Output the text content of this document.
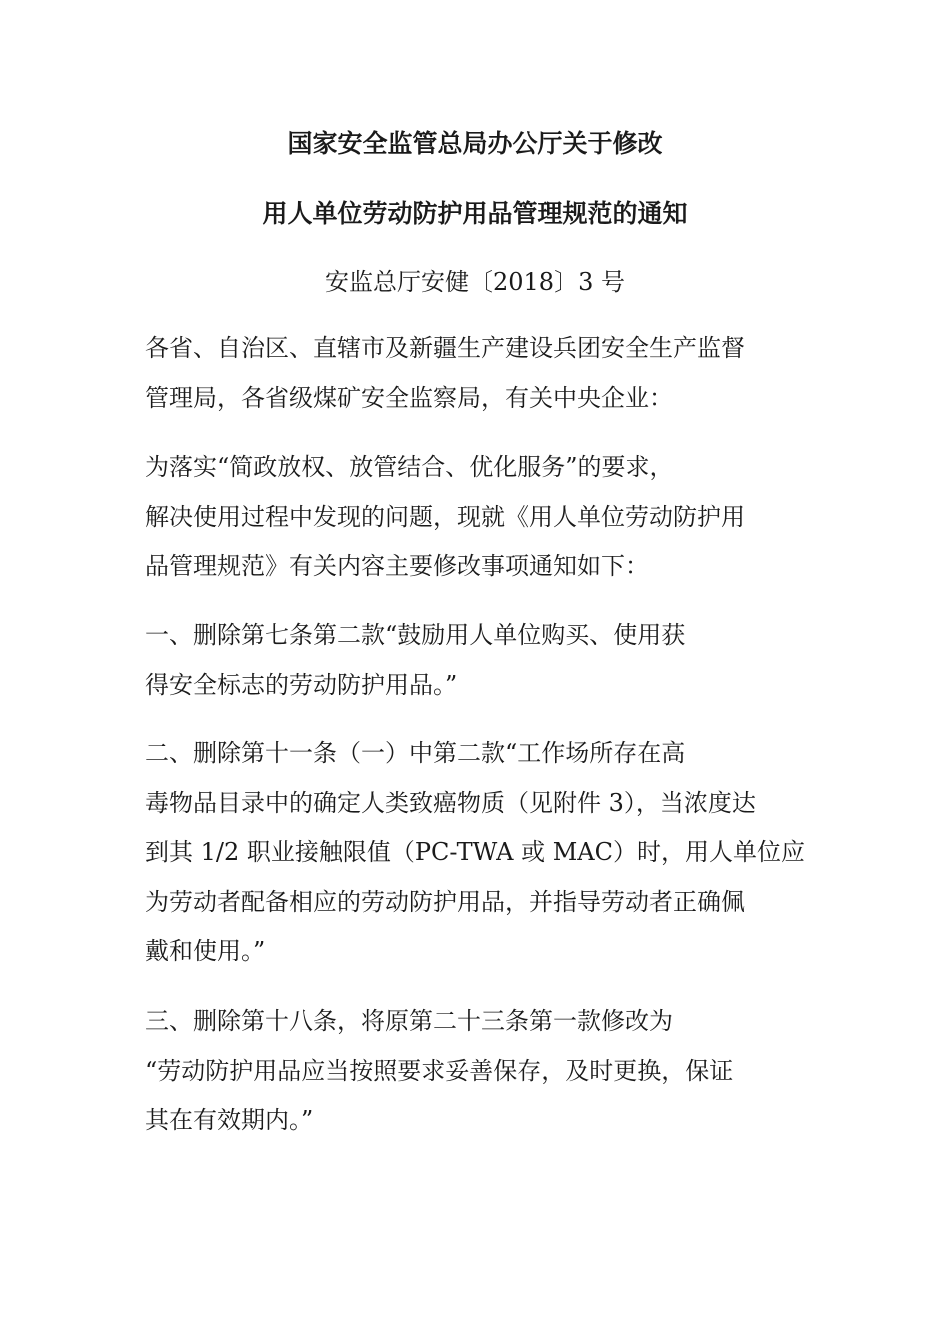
国家安全监管总局办公厅关于修改
用人单位劳动防护用品管理规范的通知
安监总厅安健〔2018〕3 号
各省、自治区、直辖市及新疆生产建设兵团安全生产监督
管理局，各省级煤矿安全监察局，有关中央企业：
为落实“简政放权、放管结合、优化服务”的要求，
解决使用过程中发现的问题，现就《用人单位劳动防护用
品管理规范》有关内容主要修改事项通知如下：
一、删除第七条第二款“鼓励用人单位购买、使用获
得安全标志的劳动防护用品。”
二、删除第十一条（一）中第二款“工作场所存在高
毒物品目录中的确定人类致癌物质（见附件 3），当浓度达
到其 1/2 职业接触限值（PC-TWA 或 MAC）时，用人单位应
为劳动者配备相应的劳动防护用品，并指导劳动者正确佩
戴和使用。”
三、删除第十八条，将原第二十三条第一款修改为
“劳动防护用品应当按照要求妥善保存，及时更换，保证
其在有效期内。”
